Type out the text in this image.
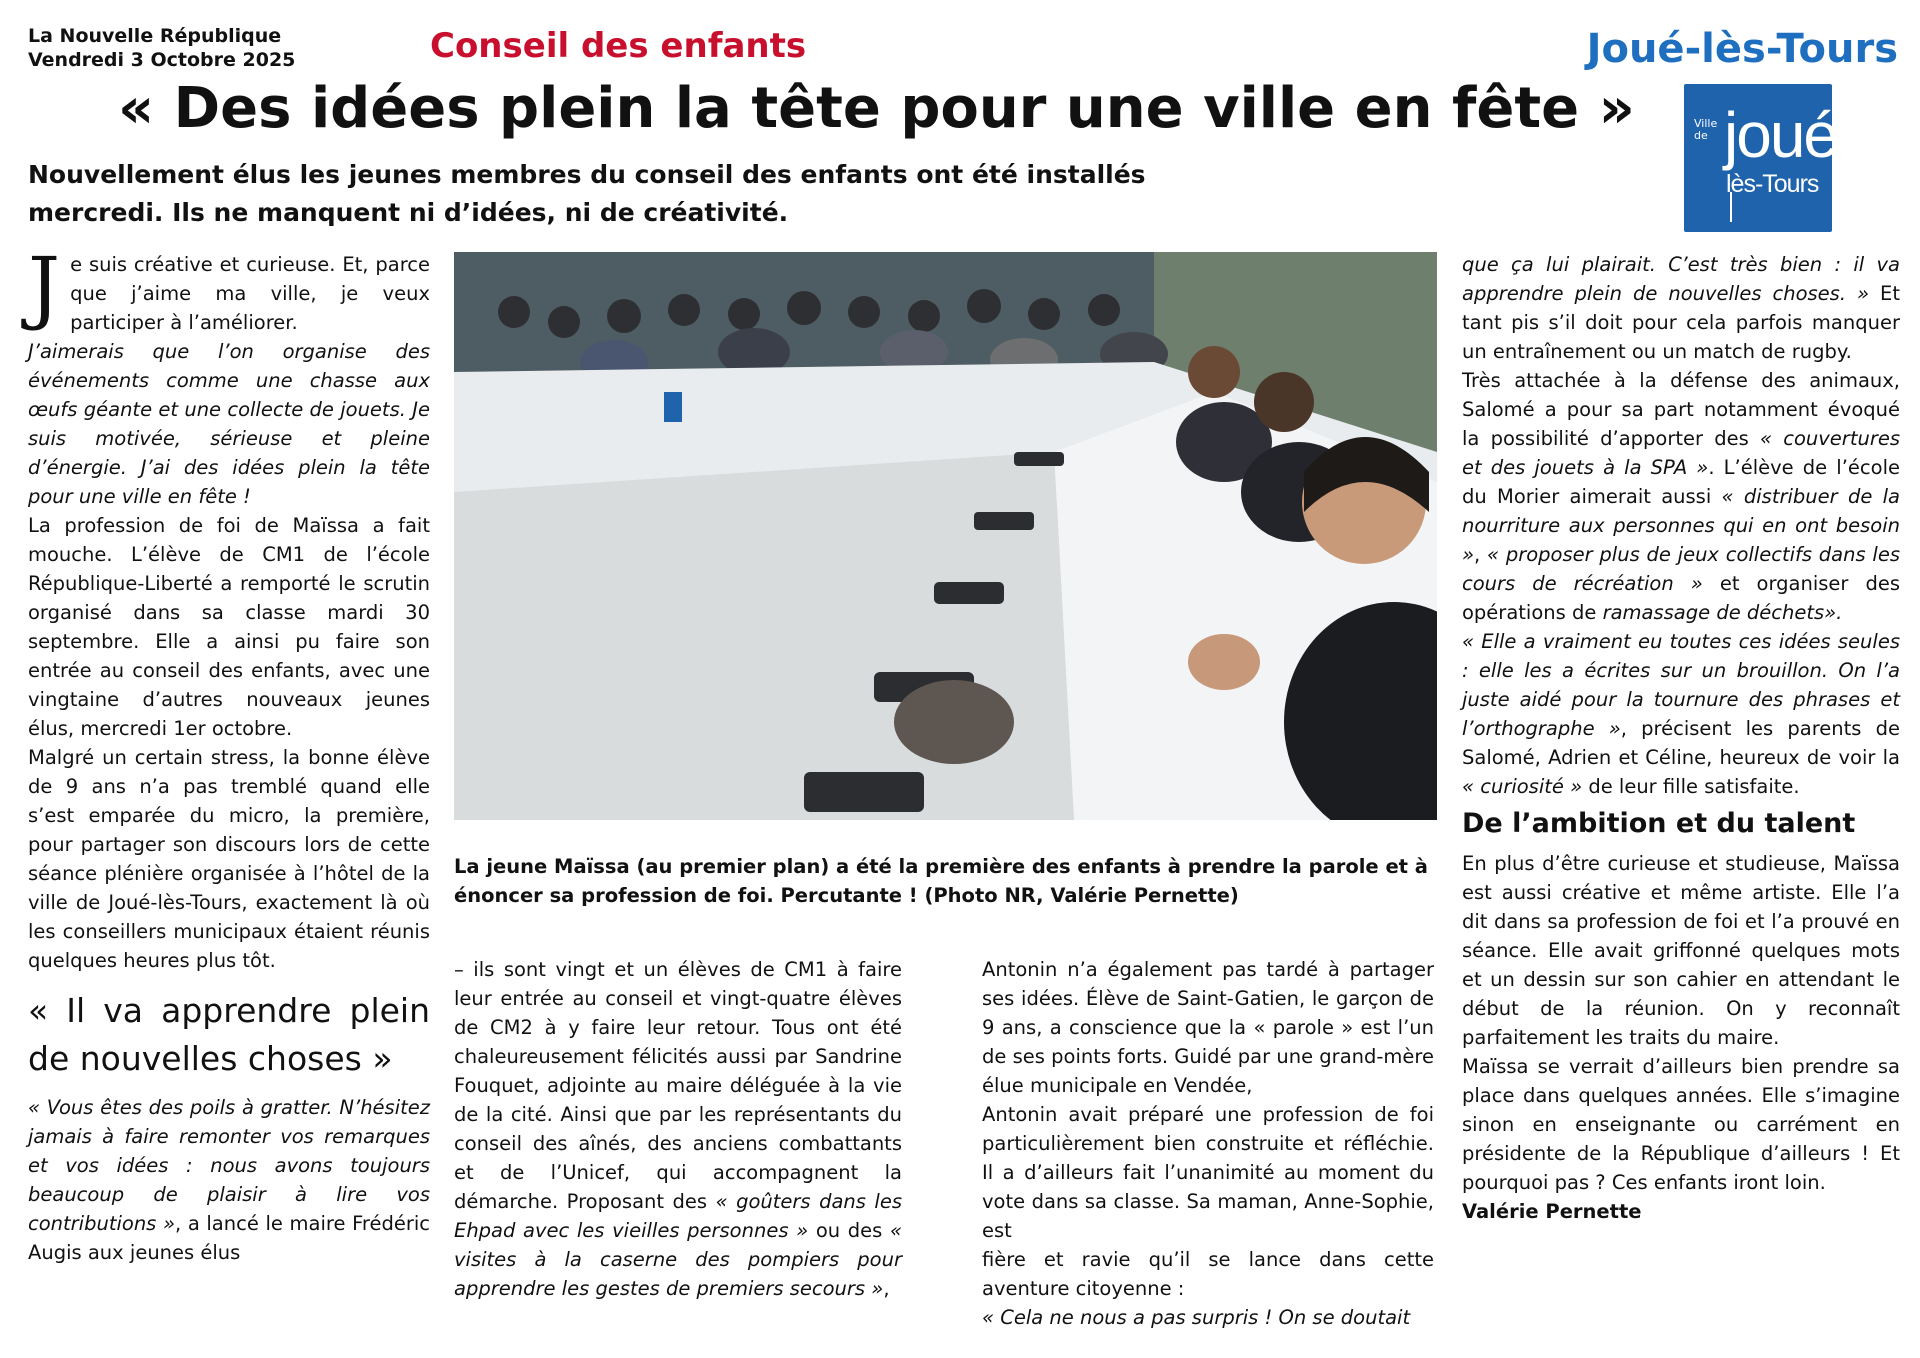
La Nouvelle République
Vendredi 3 Octobre 2025	Conseil des enfants	Joué-lès-Tours
Ville
de joué
lès-Tours
« Des idées plein la tête pour une ville en fête »
Nouvellement élus les jeunes membres du conseil des enfants ont été installés mercredi. Ils ne manquent ni d’idées, ni de créativité.

Je suis créative et curieuse. Et, parce que j’aime ma ville, je veux participer à l’améliorer.

J’aimerais que l’on organise des événements comme une chasse aux œufs géante et une collecte de jouets. Je suis motivée, sérieuse et pleine d’énergie. J’ai des idées plein la tête pour une ville en fête !

La profession de foi de Maïssa a fait mouche. L’élève de CM1 de l’école République-Liberté a remporté le scrutin organisé dans sa classe mardi 30 septembre. Elle a ainsi pu faire son entrée au conseil des enfants, avec une vingtaine d’autres nouveaux jeunes élus, mercredi 1er octobre.

Malgré un certain stress, la bonne élève de 9 ans n’a pas tremblé quand elle s’est emparée du micro, la première, pour partager son discours lors de cette séance plénière organisée à l’hôtel de la ville de Joué-lès-Tours, exactement là où les conseillers municipaux étaient réunis quelques heures plus tôt.

« Il va apprendre plein de nouvelles choses »

« Vous êtes des poils à gratter. N’hésitez jamais à faire remonter vos remarques et vos idées : nous avons toujours beaucoup de plaisir à lire vos contributions », a lancé le maire Frédéric Augis aux jeunes élus

La jeune Maïssa (au premier plan) a été la première des enfants à prendre la parole et à énoncer sa profession de foi. Percutante ! (Photo NR, Valérie Pernette)

– ils sont vingt et un élèves de CM1 à faire leur entrée au conseil et vingt-quatre élèves de CM2 à y faire leur retour. Tous ont été chaleureusement félicités aussi par Sandrine Fouquet, adjointe au maire déléguée à la vie de la cité. Ainsi que par les représentants du conseil des aînés, des anciens combattants et de l’Unicef, qui accompagnent la démarche. Proposant des « goûters dans les Ehpad avec les vieilles personnes » ou des « visites à la caserne des pompiers pour apprendre les gestes de premiers secours »,

Antonin n’a également pas tardé à partager ses idées. Élève de Saint-Gatien, le garçon de 9 ans, a conscience que la « parole » est l’un de ses points forts. Guidé par une grand-mère élue municipale en Vendée,

Antonin avait préparé une profession de foi particulièrement bien construite et réfléchie. Il a d’ailleurs fait l’unanimité au moment du vote dans sa classe. Sa maman, Anne-Sophie, est

fière et ravie qu’il se lance dans cette aventure citoyenne :

« Cela ne nous a pas surpris ! On se doutait

que ça lui plairait. C’est très bien : il va apprendre plein de nouvelles choses. » Et tant pis s’il doit pour cela parfois manquer un entraînement ou un match de rugby.

Très attachée à la défense des animaux, Salomé a pour sa part notamment évoqué la possibilité d’apporter des « couvertures et des jouets à la SPA ». L’élève de l’école du Morier aimerait aussi « distribuer de la nourriture aux personnes qui en ont besoin », « proposer plus de jeux collectifs dans les cours de récréation » et organiser des opérations de ramassage de déchets».

« Elle a vraiment eu toutes ces idées seules : elle les a écrites sur un brouillon. On l’a juste aidé pour la tournure des phrases et l’orthographe », précisent les parents de Salomé, Adrien et Céline, heureux de voir la « curiosité » de leur fille satisfaite.

De l’ambition et du talent

En plus d’être curieuse et studieuse, Maïssa est aussi créative et même artiste. Elle l’a dit dans sa profession de foi et l’a prouvé en séance. Elle avait griffonné quelques mots et un dessin sur son cahier en attendant le début de la réunion. On y reconnaît parfaitement les traits du maire.

Maïssa se verrait d’ailleurs bien prendre sa place dans quelques années. Elle s’imagine sinon en enseignante ou carrément en présidente de la République d’ailleurs ! Et pourquoi pas ? Ces enfants iront loin.

Valérie Pernette
